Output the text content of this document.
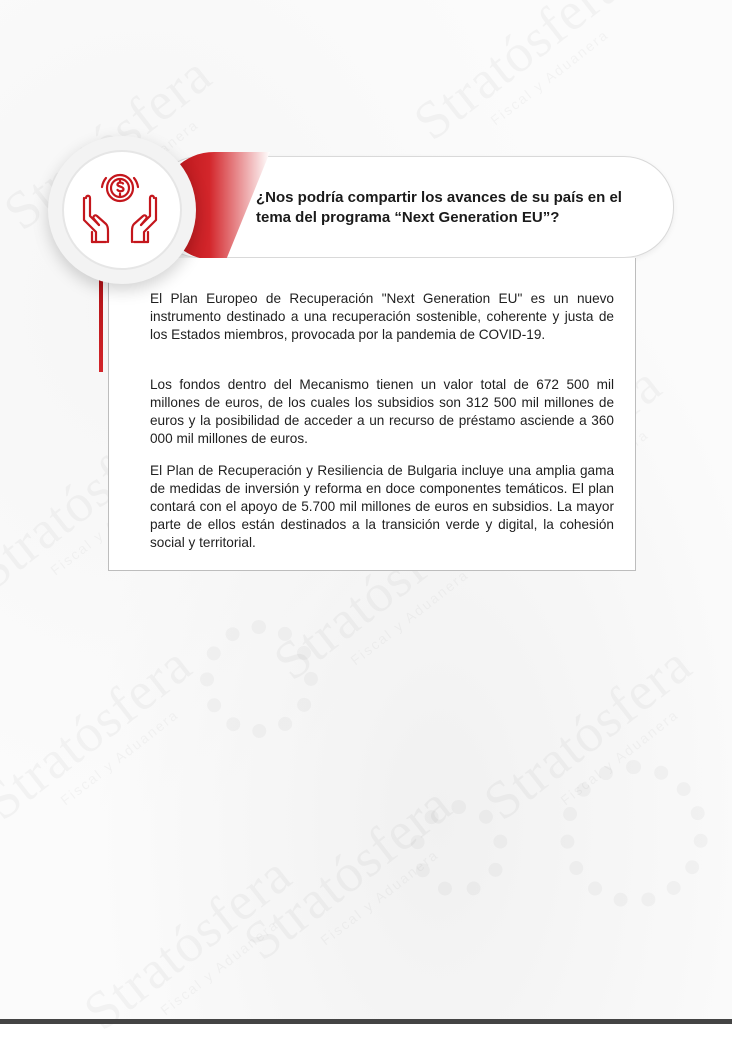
¿Nos podría compartir los avances de su país en el tema del programa “Next Generation EU”?

El Plan Europeo de Recuperación "Next Generation EU" es un nuevo instrumento destinado a una recuperación sostenible, coherente y justa de los Estados miembros, provocada por la pandemia de COVID-19.

Los fondos dentro del Mecanismo tienen un valor total de 672 500 mil millones de euros, de los cuales los subsidios son 312 500 mil millones de euros y la posibilidad de acceder a un recurso de préstamo asciende a 360 000 mil millones de euros.

El Plan de Recuperación y Resiliencia de Bulgaria incluye una amplia gama de medidas de inversión y reforma en doce componentes temáticos. El plan contará con el apoyo de 5.700 mil millones de euros en subsidios. La mayor parte de ellos están destinados a la transición verde y digital, la cohesión social y territorial.
